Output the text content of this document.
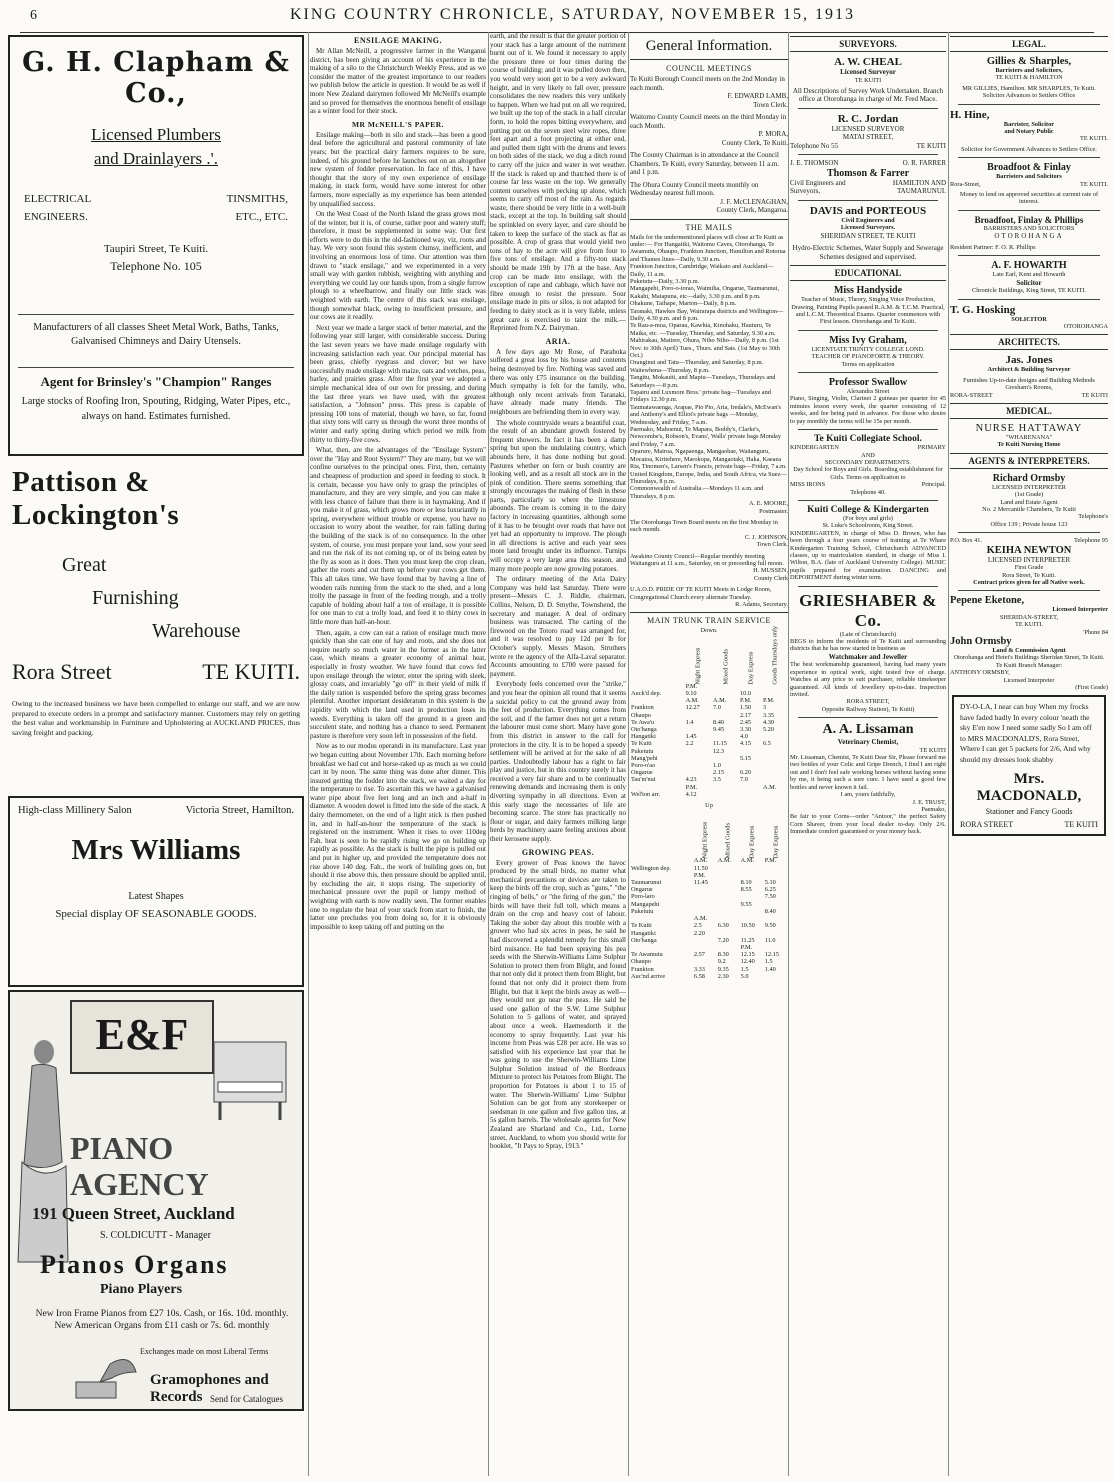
6	KING COUNTRY CHRONICLE, SATURDAY, NOVEMBER 15, 1913
G. H. Clapham & Co.,
Licensed Plumbers
and Drainlayers .'.
ELECTRICAL	TINSMITHS,
ENGINEERS.	ETC., ETC.
Taupiri Street, Te Kuiti.
Telephone No. 105
Manufacturers of all classes Sheet Metal Work, Baths, Tanks, Galvanised Chimneys and Dairy Utensels.
Agent for Brinsley's "Champion" Ranges
Large stocks of Roofing Iron, Spouting, Ridging, Water Pipes, etc., always on hand. Estimates furnished.
Pattison & Lockington's
Great
Furnishing
Warehouse
Rora Street	TE KUITI.
Owing to the increased business we have been compelled to enlarge our staff, and we are now prepared to execute orders in a prompt and satisfactory manner. Customers may rely on getting the best value and workmanship in Furniture and Upholstering at AUCKLAND PRICES, thus saving freight and packing.
High-class Millinery Salon	Victoria Street, Hamilton.
Mrs Williams
Latest Shapes
Special display OF SEASONABLE GOODS.
E&F
PIANO AGENCY
191 Queen Street, Auckland
S. COLDICUTT - Manager
Pianos Organs
Piano Players
New Iron Frame Pianos from £27 10s. Cash, or 16s. 10d. monthly. New American Organs from £11 cash or 7s. 6d. monthly
Exchanges made on most Liberal Terms
Gramophones and Records Send for Catalogues
ENSILAGE MAKING.

Mr Allan McNeill, a progressive farmer in the Wanganui district, has been giving an account of his experience in the making of a silo to the Christchurch Weekly Press, and as we consider the matter of the greatest importance to our readers we publish below the article in question. It would be as well if more New Zealand dairymen followed Mr McNeill's example and so proved for themselves the enormous benefit of ensilage as a winter food for their stock.

MR McNEILL'S PAPER.

Ensilage making—both in silo and stack—has been a good deal before the agricultural and pastoral community of late years; but the practical dairy farmers requires to be sure, indeed, of his ground before he launches out on an altogether new system of fodder preservation. In face of this, I have thought that the story of my own experience of ensilage making, in stack form, would have some interest for other farmers, more especially as my experience has been attended by unqualified success.

On the West Coast of the North Island the grass grows most of the winter, but it is, of course, rather poor and watery stuff; therefore, it must be supplemented in some way. Our first efforts were to do this in the old-fashioned way, viz, roots and hay. We very soon found this system clumsy, inefficient, and involving an enormous loss of time. Our attention was then drawn to "stack ensilage," and we experimented in a very small way with garden rubbish, weighting with anything and everything we could lay our hands upon, from a single furrow plough to a wheelbarrow, and finally our little stack was weighted with earth. The centre of this stack was ensilage, though somewhat black, owing to insufficient pressure, and our cows ate it readily.

Next year we made a larger stack of better material, and the following year still larger, with considerable success. During the last seven years we have made ensilage regularly with increasing satisfaction each year. Our principal material has been grass, chiefly ryegrass and clover; but we have successfully made ensilage with maize, oats and vetches, peas, barley, and prairies grass. After the first year we adopted a simple mechanical idea of our own for pressing, and during the last three years we have used, with the greatest satisfaction, a "Johnson" press. This press is capable of pressing 100 tons of material, though we have, so far, found that sixty tons will carry us through the worst three months of winter and early spring during which period we milk from thirty to thirty-five cows.

What, then, are the advantages of the "Ensilage System" over the "Hay and Root System?" They are many, but we will confine ourselves to the principal ones. First, then, certainty and cheapness of production and speed in feeding to stock. It is certain, because you have only to grasp the principles of manufacture, and they are very simple, and you can make it with less chance of failure than there is in haymaking. And if you make it of grass, which grows more or less luxuriantly in spring, everywhere without trouble or expense, you have no occasion to worry about the weather, for rain falling during the building of the stack is of no consequence. In the other system, of course, you must prepare your land, sow your seed and run the risk of its not coming up, or of its being eaten by the fly as soon as it does. Then you must keep the crop clean, gather the roots and cut them up before your cows get them. This all takes time. We have found that by having a line of wooden rails running from the stack to the shed, and a long trolly the passage in front of the feeding trough, and a trolly capable of holding about half a ton of ensilage, it is possible for one man to cut a trolly load, and feed it to thirty cows in little more than half-an-hour.

Then, again, a cow can eat a ration of ensilage much more quickly than she can one of hay and roots, and she does not require nearly so much water in the former as in the latter case, which means a greater economy of animal heat, especially in frosty weather. We have found that cows fed upon ensilage through the winter, enter the spring with sleek, glossy coats, and invariably "go off" in their yield of milk if the daily ration is suspended before the spring grass becomes plentiful. Another important desideratum in this system is the rapidity with which the land used in production loses its weeds. Everything is taken off the ground in a green and succulent state, and nothing has a chance to seed. Permanent pasture is therefore very soon left in possession of the field.

Now as to our modus operandi in its manufacture. Last year we began cutting about November 17th. Each morning before breakfast we had cut and horse-raked up as much as we could cart in by noon. The same thing was done after dinner. This insured getting the fodder into the stack, we waited a day for the temperature to rise. To ascertain this we have a galvanised water pipe about five feet long and an inch and a-half in diameter. A wooden dowel is fitted into the side of the stack. A dairy thermometer, on the end of a light stick is then pushed in, and in half-an-hour the temperature of the stack is registered on the instrument. When it rises to over 110deg Fah. heat is seen to be rapidly rising we go on building up rapidly as possible. As the stack is built the pipe is pulled out and put in higher up, and provided the temperature does not rise above 140 deg. Fah., the work of building goes on, but should it rise above this, then pressure should be applied until, by excluding the air, it stops rising. The superiority of mechanical pressure over the pupil or lumpy method of weighting with earth is now readily seen. The former enables one to regulate the heat of your stack from start to finish, the latter one precludes you from doing so, for it is obviously impossible to keep taking off and putting on the

earth, and the result is that the greater portion of your stack has a large amount of the nutriment burnt out of it. We found it necessary to apply the pressure three or four times during the course of building; and it was pulled down then, you would very soon get to be a very awkward height, and in very likely to fall over, pressure consolidates the new readers this very unlikely to happen. When we had put on all we required, we built up the top of the stack in a half circular form, to hold the ropes bitting everywhere, and putting put on the seven steel wire ropes, three feet apart and a foot projecting at either end, and pulled them tight with the drums and levers on both sides of the stack, we dug a ditch round to carry off the juice and water in wet weather. If the stack is raked up and thatched there is of course far less waste on the top. We generally content ourselves with pecking up alone, which seems to carry off most of the rain. As regards waste, there should be very little in a well-built stack, except at the top. In building salt should be sprinkled on every layer, and care should be taken to keep the surface of the stack as flat as possible. A crop of grass that would yield two tons of hay to the acre will give from four to five tons of ensilage. And a fifty-ton stack should be made 19ft by 17ft at the base. Any crop can be made into ensilage, with the exception of rape and cabbage, which have not fibre enough to resist the pressure. Sour ensilage made in pits or silos, is not adapted for feeding to dairy stock as it is very liable, unless great care is exercised to taint the milk.—Reprinted from N.Z. Dairyman.

ARIA.

A few days ago Mr Rose, of Parahoka suffered a great loss by his house and contents being destroyed by fire. Nothing was saved and there was only £75 insurance on the building. Much sympathy is felt for the family, who, although only recent arrivals from Taranaki, have already made many friends. The neighbours are befriending them in every way.

The whole countryside wears a beautiful coat, the result of an abundant growth fostered by frequent showers. In fact it has been a damp spring but upon the undulating country, which abounds here, it has done nothing but good. Pastures whether on fern or bush country are looking well, and as a result all stock are in the pink of condition. There seems something that strongly encourages the making of flesh in these parts, particularly so where the limestone abounds. The cream is coming in to the dairy factory in increasing quantities, although some of it has to be brought over roads that have not yet had an opportunity to improve. The plough in all directions is active and each year sees more land brought under its influence. Turnips will occupy a very large area this season, and many more people are now growing potatoes.

The ordinary meeting of the Aria Dairy Company was held last Saturday. There were present—Messrs C. J. Riddle, chairman, Collins, Nelson, D. D. Smythe, Townshend, the secretary and manager. A deal of ordinary business was transacted. The carting of the firewood on the Totoro road was arranged for, and it was resolved to pay 12d per lb for October's supply. Messrs Mason, Struthers wrote re the agency of the Alfa-Laval separator. Accounts amounting to £700 were passed for payment.

Everybody feels concerned over the "strike," and you hear the opinion all round that it seems a suicidal policy to cut the ground away from the feet of production. Everything comes from the soil, and if the farmer does not get a return the labourer must come short. Many have gone from this district in answer to the call for protectors in the city. It is to be hoped a speedy settlement will be arrived at for the sake of all parties. Undoubtedly labour has a right to fair play and justice, but in this country surely it has received a very fair share and to be continually renewing demands and increasing them is only diverting sympathy in all directions. Even at this early stage the necessaries of life are becoming scarce. The store has practically no flour or sugar, and dairy farmers milking large herds by machinery aaare feeling anxious about their kerosene supply.

GROWING PEAS.

Every grower of Peas knows the havoc produced by the small birds, no matter what mechanical precautions or devices are taken to keep the birds off the crop, such as "guns," "the ringing of bells," or "the firing of the gun," the birds will have their full toll, which means a drain on the crop and heavy cost of labour. Taking the sober day about this trouble with a grower who had six acres in peas, he said he had discovered a splendid remedy for this small bird nuisance. He had been spraying his pea seeds with the Sherwin-Williams Lime Sulphur Solution to protect them from Blight, and found that not only did it protect them from Blight, but found that not only did it protect them from Blight, but that it kept the birds away as well—they would not go near the peas. He said he used one gallon of the S.W. Lime Sulphur Solution to 5 gallons of water, and sprayed about once a week. Haemesdorth it the economy to spray frequently. Last year his income from Peas was £28 per acre. He was so satisfied with his experience last year that he was going to use the Sherwin-Williams Lime Sulphur Solution instead of the Bordeaux Mixture to protect his Potatoes from Blight. The proportion for Potatoes is about 1 to 15 of water. The Sherwin-Williams' Lime Sulphur Solution can be got from any storekeeper or seedsman in one gallon and five gallon tins, at 5s gallon barrels. The wholesale agents for New Zealand are Sharland and Co., Ltd., Lorne street, Auckland, to whom you should write for booklet, "It Pays to Spray, 1913."

General Information.
COUNCIL MEETINGS
Te Kuiti Borough Council meets on the 2nd Monday in each month.
F. EDWARD LAMB,
Town Clerk.
Waitomo County Council meets on the third Monday in each Month.
P. MORA,
County Clerk, Te Kuiti.
The County Chairman is in attendance at the Council Chambers, Te Kuiti, every Saturday, between 11 a.m. and 1 p.m.
The Ohura County Council meets monthly on Wednesday nearest full moon.
J. F. McCLENAGHAN,
County Clerk, Mangaroa.
THE MAILS
Mails for the undermentioned places will close at Te Kuiti as under:— For Hangatiki, Waitomo Caves, Otorohanga, Te Awamutu, Ohaupo, Frankton Junction, Hamilton and Rotorua and Thames lines—Daily, 9.30 a.m.
Frankton Junction, Cambridge, Waikato and Auckland—Daily, 11 a.m.
Puketutu—Daily, 3.30 p.m.
Mangapehi, Poro-o-torao, Waimiha, Ongarue, Taumarunui, Kakahi, Matapuna, etc—daily, 3.30 p.m. and 8 p.m.
Ohakune, Taihape, Marton—Daily, 8 p.m.
Taranaki, Hawkes Bay, Wairarapa districts and Wellington—Daily, 4.30 p.m. and 8 p.m.
Te Rau-a-moa, Oparau, Kawhia, Kinohaku, Hauturu, Te Maika, etc. —Tuesday, Thursday, and Saturday, 9.30 a.m.
Mahirakau, Matiere, Ohura, Niho Niho—Daily, 8 p.m. (1st Nov. to 30th April) Tues., Thurs. and Sats. (1st May to 30th Oct.)
Oranginui and Tatu—Thursday, and Saturday, 8 p.m.
Waitewhena—Thursday, 8 p.m.
Tangitu, Mokauiti, and Mapiu—Tuesdays, Thursdays and Saturdays —8 p.m.
Tapairu and Luxmore Bros.' private bag—Tuesdays and Fridays 12.30 p.m.
Taumatawaenga, Arapae, Pio Pio, Aria, Iredale's, McEwan's and Anthony's and Elliot's private bags —Monday, Wednesday, and Friday, 7 a.m.
Paemako, Mahoenui, Te Mapara, Boddy's, Clarke's, Newcombe's, Robson's, Evans', Walls' private bags Monday and Friday, 7 a.m.
Oparure, Mairoa, Ngapaenga, Mangaobae, Waitanguru, Mocatoa, Kiritehere, Marokopa, Mangaotaki, Haka, Kaeaea Ria, Tinomen's, Larsen's Francis, private bags—Friday, 7 a.m.
United Kingdom, Europe, India, and South Africa, via Suez—Thursdays, 8 p.m.
Commonwealth of Australia.—Mondays 11 a.m. and Thursdays, 8 p.m.
A. E. MOORE,
Postmaster.
The Otorohanga Town Board meets on the first Monday in each month.
C. J. JOHNSON,
Town Clerk.
Awakino County Council—Regular monthly meeting Waitanguru at 11 a.m., Saturday, on or preceeding full moon.
H. MUSSEN,
County Clerk
U.A.O.D. PRIDE OF TE KUITI Meets in Lodge Room, Congregational Church every alternate Tuesday.
R. Adams, Secretary.
MAIN TRUNK TRAIN SERVICE
Down.
	Night Express	Mixed Goods	Day Express	Goods Thursdays only
	P.M.			
Auck'd dep.	9.10		10.0	
	A.M.	A.M.	P.M.	P.M.
Frankton	12.27	7.0	1.50	3
Ohaupo			2.17	3.35
Te Awa'u	1.4	8.40	2.45	4.30
Oto'hanga		9.45	3.30	5.20
Hangatiki	1.45		4.0	
Te Kuiti	2.2	11.15	4.15	6.5
Puketutu		12.3		
Mang'pehi			5.15	
Poro-o'ao		1.0		
Ongarue		2.15	6.20	
Tau'm'nui	4.23	3.5	7.0	
	P.M.			A.M.
Wel'ton arr.	4.12			
Up
	Night Express	Mixed Goods	Day Express	Day Express
	A.M.	A.M.	A.M.	P.M.
Wellington dep.	11.50			
	P.M.			
Taumarunui	11.45		8.10	5.10
Ongarue			8.55	6.25
Poro-laro				7.50
Mangapehi			9.55	
Puketutu				8.40
	A.M.			
Te Kuiti	2.5	6.30	10.50	9.50
Hangatiki	2.20			
Oto'hanga		7.20	11.25	11.0
			P.M.	
Te Awamutu	2.57	8.30	12.15	12.15
Ohaupo		9.2	12.40	1.5
Frankton	3.33	9.35	1.5	1.40
Auc'nd arrive	6.58	2.30	5.0	
SURVEYORS.
A. W. CHEAL
Licensed Surveyor
TE KUITI
All Descriptions of Survey Work Undertaken. Branch office at Otorohanga in charge of Mr. Fred Mace.
R. C. Jordan
LICENSED SURVEYOR
MATAI STREET,
Telephone No 55	TE KUITI
J. E. THOMSON	O. R. FARRER
Thomson & Farrer
Civil Engineers and Surveyors,
HAMILTON AND TAUMARUNUI.
DAVIS and PORTEOUS
Civil Engineers and
Licensed Surveyors.
SHERIDAN STREET, TE KUITI
Hydro-Electric Schemes, Water Supply and Sewerage Schemes designed and supervised.
EDUCATIONAL
Miss Handyside
Teacher of Music, Theory, Singing Voice Production, Drawing, Painting Pupils passed R.A.M. & T.C.M. Practical, and L.C.M. Theoretical Exams. Quarter commences with First lesson. Otorohanga and Te Kuiti.
Miss Ivy Graham,
LICENTIATE TRINITY COLLEGE LOND.
TEACHER OF PIANOFORTE & THEORY.
Terms on application
Professor Swallow
Alexandra Street
Piano, Singing, Violin, Clarinet 2 guineas per quarter for 45 minutes lesson every week, the quarter consisting of 12 weeks, and fee being paid in advance. For those who desire to pay monthly the terms will be 15s per month.
Te Kuiti Collegiate School.
KINDERGARTEN	PRIMARY
AND
SECONDARY DEPARTMENTS.
Day School for Boys and Girls. Boarding establishment for Girls. Terms on application to
MISS IRONS	Principal.
Telephone 40.
Kuiti College & Kindergarten
(For boys and girls)
St. Luke's Schoolroom, King Street.
KINDERGARTEN, in charge of Miss D. Brown, who has been through a four years course of training at Te Whare Kindergarten Training School, Christchurch ADVANCED classes, up to matriculation standard, in charge of Miss I. Wilton, B.A. (late of Auckland University College). MUSIC pupils prepared for examination. DANCING and DEPORTMENT during winter term.
GRIESHABER & Co.
(Late of Christchurch)
BEGS to inform the residents of Te Kuiti and surrounding districts that he has now started in business as
Watchmaker and Jeweller
The best workmanship guaranteed, having had many years experience in optical work, sight tested free of charge. Watches at any price to suit purchaser, reliable timekeeper guaranteed. All kinds of Jewellery up-to-date. Inspection invited.
RORA STREET,
Opposite Railway Station), Te Kuiti)
A. A. Lissaman
Veterinary Chemist,
TE KUITI
Mr. Lissaman, Chemist, Te Kuiti Dear Sir, Please forward me two bottles of your Colic and Gripe Drench, I find I am right out and I don't feel safe working horses without having some by me, it being such a sure cure. I have used a good few bottles and never known it fail.
I am, yours faithfully,
J. E. TRUST,
Paemako,
Be fair to your Corns—order "Antoor," the perfect Safety Corn Shaver, from your local dealer to-day. Only 2/6. Immediate comfort guaranteed or your money back.
LEGAL.
Gillies & Sharples,
Barristers and Solicitors,
TE KUITI & HAMILTON
MR GILLIES, Hamilton. MR SHARPLES, Te Kuiti.
Solicitor Advances to Settlers Office
H. Hine,
Barrister, Solicitor
and Notary Public
TE KUITI.
Solicitor for Government Advances to Settlers Office.
Broadfoot & Finlay
Barristers and Solicitors
Rora-Street,	TE KUITI.
Money to lend on approved securities at current rate of interest.
Broadfoot, Finlay & Phillips
BARRISTERS AND SOLICITORS
OTOROHANGA
Resident Partner: F. O. R. Phillips
A. F. HOWARTH
Late Earl, Kent and Howarth
Solicitor
Chronicle Buildings, King Street, TE KUITI.
T. G. Hosking
SOLICITOR
OTOROHANGA
ARCHITECTS.
Jas. Jones
Architect & Building Surveyor
Furnishes Up-to-date designs and Building Methods Gresham's Rooms,
RORA-STREET	TE KUITI
MEDICAL.
NURSE HATTAWAY
"WHARENANA"
Te Kuiti Nursing Home
AGENTS & INTERPRETERS.
Richard Ormsby
LICENSED INTERPRETER
(1st Grade)
Land and Estate Agent
No. 2 Mercantile Chambers, Te Kuiti
Telephone's
Office 139 ; Private house 123
P.O. Box 41.	Telephone 95
KEIHA NEWTON
LICENSED INTERPRETER
First Grade
Rora Street, Te Kuiti.
Contract prices given for all Native work.
Pepene Eketone,
Licensed Interpreter
SHERIDAN-STREET,
TE KUITI.
'Phone 84
John Ormsby
Land & Commission Agent
Otorohanga and Hetet's Buildings Sheridan Street, Te Kuiti.
Te Kuiti Branch Manager:
ANTHONY ORMSBY,
Licensed Interpreter
(First Grade)
DY-O-LA, I near can buy When my frocks have faded badly In every colour 'neath the sky E'en now I need some sadly So I am off to MRS MACDONALD'S, Rora Street, Where I can get 5 packets for 2/6, And why should my dresses look shabby
Mrs. MACDONALD,
Stationer and Fancy Goods
RORA STREET	TE KUITI
